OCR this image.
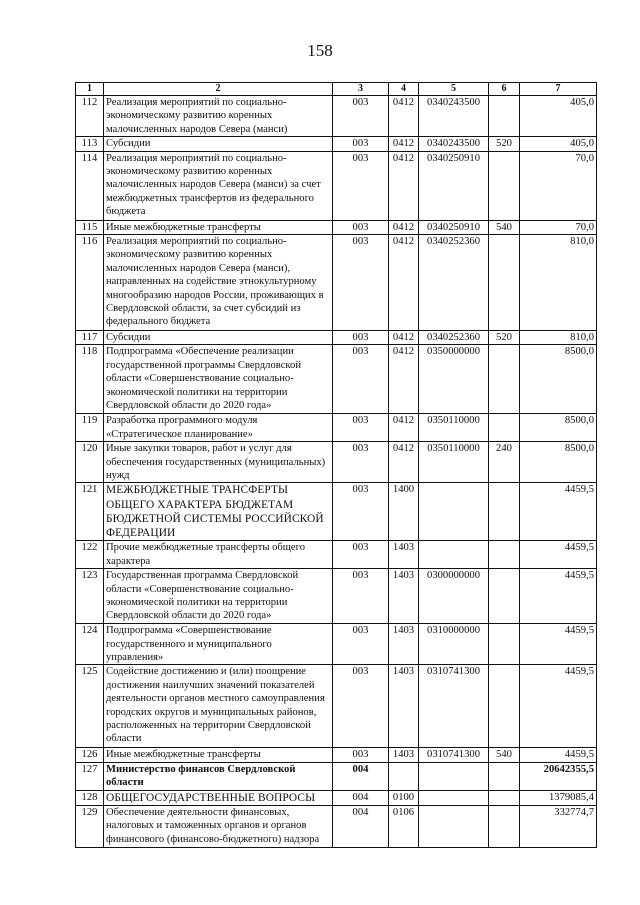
158
1	2	3	4	5	6	7
112	Реализация мероприятий по социально-экономическому развитию коренных малочисленных народов Севера (манси)	003	0412	0340243500		405,0
113	Субсидии	003	0412	0340243500	520	405,0
114	Реализация мероприятий по социально-экономическому развитию коренных малочисленных народов Севера (манси) за счет межбюджетных трансфертов из федерального бюджета	003	0412	0340250910		70,0
115	Иные межбюджетные трансферты	003	0412	0340250910	540	70,0
116	Реализация мероприятий по социально-экономическому развитию коренных малочисленных народов Севера (манси), направленных на содействие этнокультурному многообразию народов России, проживающих в Свердловской области, за счет субсидий из федерального бюджета	003	0412	0340252360		810,0
117	Субсидии	003	0412	0340252360	520	810,0
118	Подпрограмма «Обеспечение реализации государственной программы Свердловской области «Совершенствование социально-экономической политики на территории Свердловской области до 2020 года»	003	0412	0350000000		8500,0
119	Разработка программного модуля «Стратегическое планирование»	003	0412	0350110000		8500,0
120	Иные закупки товаров, работ и услуг для обеспечения государственных (муниципальных) нужд	003	0412	0350110000	240	8500,0
121	МЕЖБЮДЖЕТНЫЕ ТРАНСФЕРТЫ ОБЩЕГО ХАРАКТЕРА БЮДЖЕТАМ БЮДЖЕТНОЙ СИСТЕМЫ РОССИЙСКОЙ ФЕДЕРАЦИИ	003	1400			4459,5
122	Прочие межбюджетные трансферты общего характера	003	1403			4459,5
123	Государственная программа Свердловской области «Совершенствование социально-экономической политики на территории Свердловской области до 2020 года»	003	1403	0300000000		4459,5
124	Подпрограмма «Совершенствование государственного и муниципального управления»	003	1403	0310000000		4459,5
125	Содействие достижению и (или) поощрение достижения наилучших значений показателей деятельности органов местного самоуправления городских округов и муниципальных районов, расположенных на территории Свердловской области	003	1403	0310741300		4459,5
126	Иные межбюджетные трансферты	003	1403	0310741300	540	4459,5
127	Министерство финансов Свердловской области	004				20642355,5
128	ОБЩЕГОСУДАРСТВЕННЫЕ ВОПРОСЫ	004	0100			1379085,4
129	Обеспечение деятельности финансовых, налоговых и таможенных органов и органов финансового (финансово-бюджетного) надзора	004	0106			332774,7
